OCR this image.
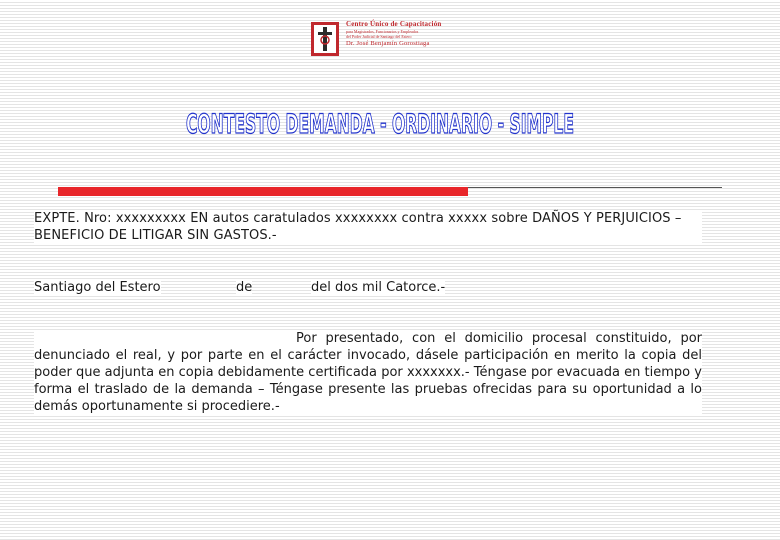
Centro Único de Capacitación
para Magistrados, Funcionarios y Empleados
del Poder Judicial de Santiago del Estero
Dr. José Benjamín Gorostiaga
CONTESTO DEMANDA - ORDINARIO - SIMPLE
EXPTE. Nro: xxxxxxxxx EN autos caratulados xxxxxxxx contra xxxxx sobre DAÑOS Y PERJUICIOS – BENEFICIO DE LITIGAR SIN GASTOS.-
Santiago del Estero	de	del dos mil Catorce.-
Por presentado, con el domicilio procesal constituido, por denunciado el real, y por parte en el carácter invocado, dásele participación en merito la copia del poder que adjunta en copia debidamente certificada por xxxxxxx.- Téngase por evacuada en tiempo y forma el traslado de la demanda – Téngase presente las pruebas ofrecidas para su oportunidad a lo demás oportunamente si procediere.-
